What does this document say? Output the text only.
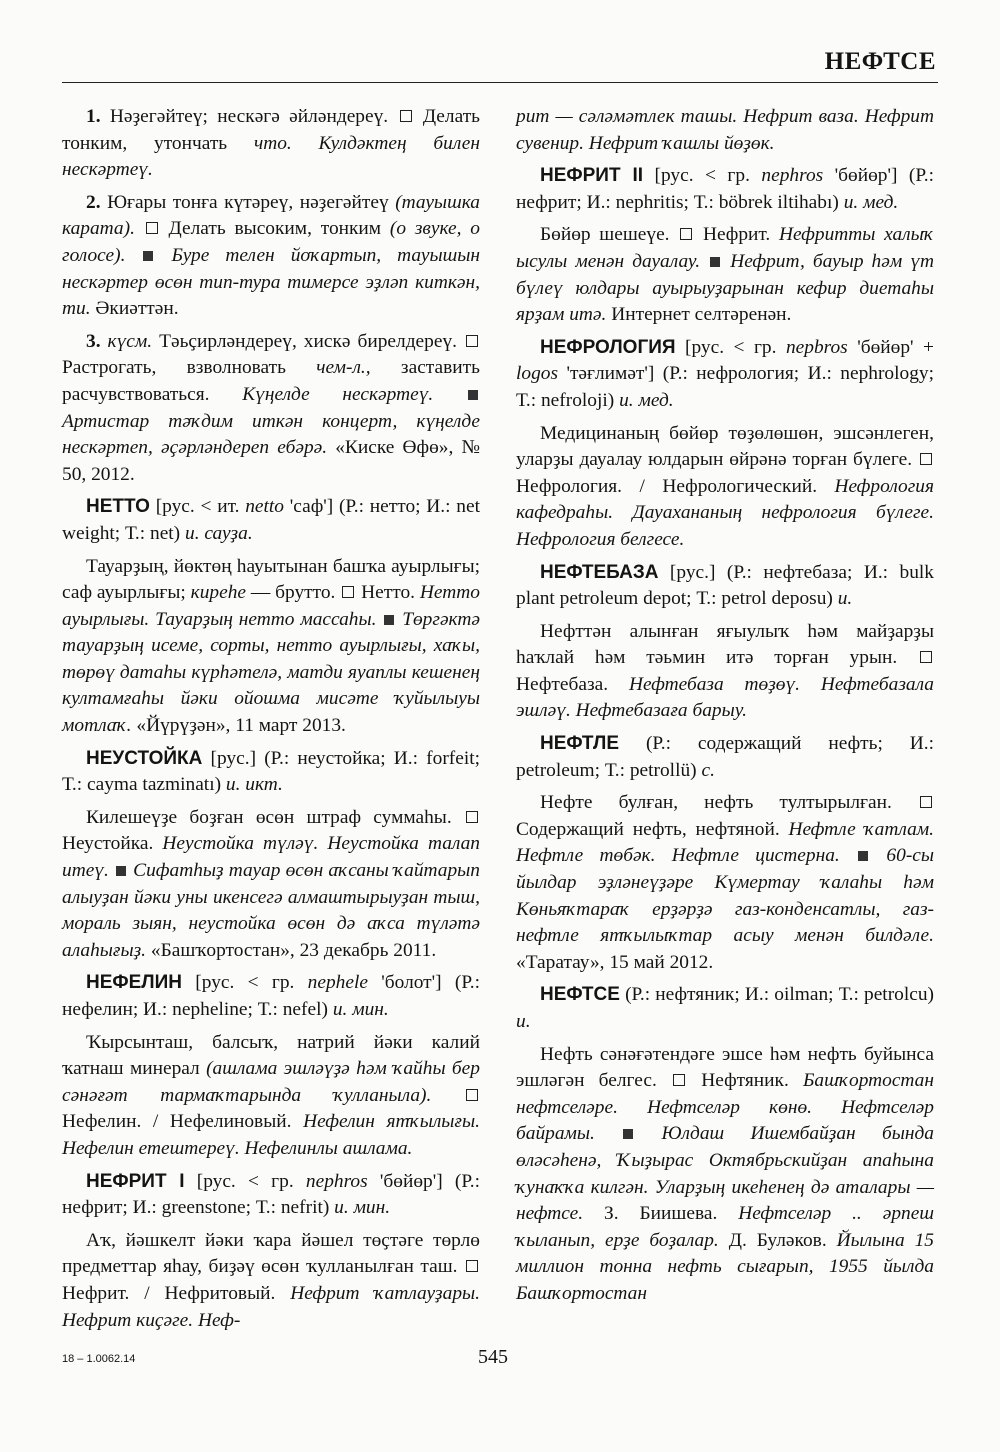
НЕФТСЕ

1. Нәҙегәйтеү; нескәгә әйләндереү. Делать тонким, утончать что. Кулдәктең билен нескәртеү.

2. Юғары тонға күтәреү, нәҙегәйтеү (тауышка карата). Делать высоким, тонким (о звуке, о голосе). Буре телен йоҡартып, тауышын нескәртер өсөн тип-тура тимерсе эҙләп киткән, ти. Әкиәттән.

3. күсм. Тәьҫирләндереү, хискә бирелдереү.  Растрогать, взволновать чем-л., заставить расчувствоваться. Күңелде нескәртеү.  Артистар тәҡдим иткән концерт, күңелде нескәртеп, әҫәрләндереп ебәрә. «Киске Өфө», № 50, 2012.

НЕТТО [рус. < ит. netto 'саф'] (Р.: нетто; И.: net weight; Т.: net) и. сауҙа.

Тауарҙың, йөктөң һауытынан башҡа ауырлығы; саф ауырлығы; киреһе — брутто. Нетто. Нетто ауырлығы. Тауарҙың нетто массаһы. Төргәктә тауарҙың исеме, сорты, нетто ауырлығы, хаҡы, төрөү датаһы күрһәтелә, матди яуаплы кешенең култамғаһы йәки ойошма мисәте ҡуйылыуы мотлаҡ. «Йүрүҙән», 11 март 2013.

НЕУСТОЙКА [рус.] (Р.: неустойка; И.: forfeit; Т.: cayma tazminatı) и. икт.

Килешеүҙе боҙған өсөн штраф суммаһы.  Неустойка. Неустойка түләү. Неустойка талап итеү. Сифатһыҙ тауар өсөн аҡсаны ҡайтарып алыуҙан йәки уны икенсегә алмаштырыуҙан тыш, мораль зыян, неустойка өсөн дә аҡса түләтә алаһығыҙ. «Башҡортостан», 23 декабрь 2011.

НЕФЕЛИН [рус. < гр. nephele 'болот'] (Р.: нефелин; И.: nepheline; Т.: nefel) и. мин.

Ҡырсынташ, балсыҡ, натрий йәки калий ҡатнаш минерал (ашлама эшләүҙә һәм ҡайһы бер сәнәғәт тармаҡтарында ҡулланыла).  Нефелин. / Нефелиновый. Нефелин ятҡылығы. Нефелин етештереү. Нефелинлы ашлама.

НЕФРИТ I [рус. < гр. nephros 'бөйөр'] (Р.: нефрит; И.: greenstone; Т.: nefrit) и. мин.

Аҡ, йәшкелт йәки ҡара йәшел төҫтәге төрлө предметтар яһау, биҙәү өсөн ҡулланылған таш.  Нефрит. / Нефритовый. Нефрит ҡатлауҙары. Нефрит киҫәге. Неф-

рит — сәләмәтлек ташы. Нефрит ваза. Нефрит сувенир. Нефрит ҡашлы йөҙөк.

НЕФРИТ II [рус. < гр. nephros 'бөйөр'] (Р.: нефрит; И.: nephritis; Т.: böbrek iltihabı) и. мед.

Бөйөр шешеүе. Нефрит. Нефритты халыҡ ысулы менән дауалау. Нефрит, бауыр һәм үт бүлеү юлдары ауырыуҙарынан кефир диетаһы ярҙам итә. Интернет селтәренән.

НЕФРОЛОГИЯ [рус. < гр. nepbros 'бөйөр' + logos 'тәғлимәт'] (Р.: нефрология; И.: nephrology; Т.: nefroloji) и. мед.

Медицинаның бөйөр төҙөлөшөн, эшсәнлеген, уларҙы дауалау юлдарын өйрәнә торған бүлеге.  Нефрология. / Нефрологический. Нефрология кафедраһы. Дауахананың нефрология бүлеге. Нефрология белгесе.

НЕФТЕБАЗА [рус.] (Р.: нефтебаза; И.: bulk plant petroleum depot; Т.: petrol deposu) и.

Нефттән алынған яғыулыҡ һәм майҙарҙы һаҡлай һәм тәьмин итә торған урын.  Нефтебаза. Нефтебаза төҙөү. Нефтебазала эшләү. Нефтебазаға барыу.

НЕФТЛЕ (Р.: содержащий нефть; И.: petroleum; Т.: petrollü) с.

Нефте булған, нефть тултырылған.  Содержащий нефть, нефтяной. Нефтле ҡатлам. Нефтле төбәк. Нефтле цистерна. 60-сы йылдар эҙләнеүҙәре Күмертау ҡалаһы һәм Көньяҡтараҡ ерҙәрҙә газ-конденсатлы, газ-нефтле ятҡылыҡтар асыу менән билдәле. «Таратау», 15 май 2012.

НЕФТСЕ (Р.: нефтяник; И.: oilman; Т.: petrolcu) и.

Нефть сәнәғәтендәге эшсе һәм нефть буйынса эшләгән белгес. Нефтяник. Башҡортостан нефтселәре. Нефтселәр көнө. Нефтселәр байрамы.	Юлдаш Ишембайҙан бында өләсәһенә, Ҡыҙырас Октябрьскийҙан апаһына ҡунаҡҡа килгән. Уларҙың икеһенең дә аталары — нефтсе. З. Биишева. Нефтселәр .. әрпеш ҡыланып, ерҙе боҙалар. Д. Буләков. Йылына 15 миллион тонна нефть сығарып, 1955 йылда Башҡортостан

18 – 1.0062.14	545
